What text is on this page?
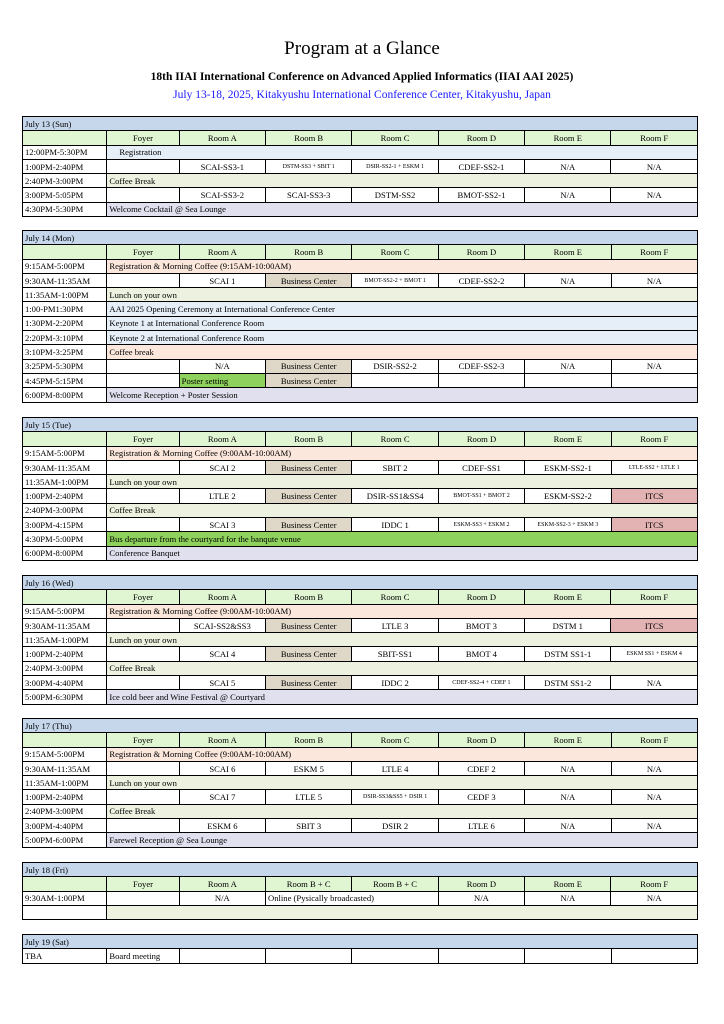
Program at a Glance
18th IIAI International Conference on Advanced Applied Informatics (IIAI AAI 2025)
July 13-18, 2025, Kitakyushu International Conference Center, Kitakyushu, Japan
July 13 (Sun)							
	Foyer	Room A	Room B	Room C	Room D	Room E	Room F
12:00PM-5:30PM	Registration						
1:00PM-2:40PM		SCAI-SS3-1	DSTM-SS3 + SBIT 1	DSIR-SS2-1 + ESKM 1	CDEF-SS2-1	N/A	N/A
2:40PM-3:00PM	Coffee Break						
3:00PM-5:05PM		SCAI-SS3-2	SCAI-SS3-3	DSTM-SS2	BMOT-SS2-1	N/A	N/A
4:30PM-5:30PM	Welcome Cocktail @ Sea Lounge						
July 14 (Mon)							
	Foyer	Room A	Room B	Room C	Room D	Room E	Room F
9:15AM-5:00PM	Registration & Morning Coffee (9:15AM-10:00AM)						
9:30AM-11:35AM		SCAI 1	Business Center	BMOT-SS2-2 + BMOT 1	CDEF-SS2-2	N/A	N/A
11:35AM-1:00PM	Lunch on your own						
1:00-PM1:30PM	AAI 2025 Opening Ceremony at International Conference Center						
1:30PM-2:20PM	Keynote 1 at International Conference Room						
2:20PM-3:10PM	Keynote 2 at International Conference Room						
3:10PM-3:25PM	Coffee break						
3:25PM-5:30PM		N/A	Business Center	DSIR-SS2-2	CDEF-SS2-3	N/A	N/A
4:45PM-5:15PM		Poster setting	Business Center				
6:00PM-8:00PM	Welcome Reception + Poster Session						
July 15 (Tue)							
	Foyer	Room A	Room B	Room C	Room D	Room E	Room F
9:15AM-5:00PM	Registration & Morning Coffee (9:00AM-10:00AM)						
9:30AM-11:35AM		SCAI 2	Business Center	SBIT 2	CDEF-SS1	ESKM-SS2-1	LTLE-SS2 + LTLE 1
11:35AM-1:00PM	Lunch on your own						
1:00PM-2:40PM		LTLE 2	Business Center	DSIR-SS1&SS4	BMOT-SS1 + BMOT 2	ESKM-SS2-2	ITCS
2:40PM-3:00PM	Coffee Break						
3:00PM-4:15PM		SCAI 3	Business Center	IDDC 1	ESKM-SS3 + ESKM 2	ESKM-SS2-3 + ESKM 3	ITCS
4:30PM-5:00PM	Bus departure from the courtyard for the banqute venue						
6:00PM-8:00PM	Conference Banquet						
July 16 (Wed)							
	Foyer	Room A	Room B	Room C	Room D	Room E	Room F
9:15AM-5:00PM	Registration & Morning Coffee (9:00AM-10:00AM)						
9:30AM-11:35AM		SCAI-SS2&SS3	Business Center	LTLE 3	BMOT 3	DSTM 1	ITCS
11:35AM-1:00PM	Lunch on your own						
1:00PM-2:40PM		SCAI 4	Business Center	SBIT-SS1	BMOT 4	DSTM SS1-1	ESKM SS1 + ESKM 4
2:40PM-3:00PM	Coffee Break						
3:00PM-4:40PM		SCAI 5	Business Center	IDDC 2	CDEF-SS2-4 + CDEF 1	DSTM SS1-2	N/A
5:00PM-6:30PM	Ice cold beer and Wine Festival @ Courtyard						
July 17 (Thu)							
	Foyer	Room A	Room B	Room C	Room D	Room E	Room F
9:15AM-5:00PM	Registration & Morning Coffee (9:00AM-10:00AM)						
9:30AM-11:35AM		SCAI 6	ESKM 5	LTLE 4	CDEF 2	N/A	N/A
11:35AM-1:00PM	Lunch on your own						
1:00PM-2:40PM		SCAI 7	LTLE 5	DSIR-SS3&SS5 + DSIR 1	CEDF 3	N/A	N/A
2:40PM-3:00PM	Coffee Break						
3:00PM-4:40PM		ESKM 6	SBIT 3	DSIR 2	LTLE 6	N/A	N/A
5:00PM-6:00PM	Farewel Reception @ Sea Lounge						
July 18 (Fri)							
	Foyer	Room A	Room B + C	Room B + C	Room D	Room E	Room F
9:30AM-1:00PM		N/A	Online (Pysically broadcasted)		N/A	N/A	N/A

July 19 (Sat)
TBA	Board meeting						
